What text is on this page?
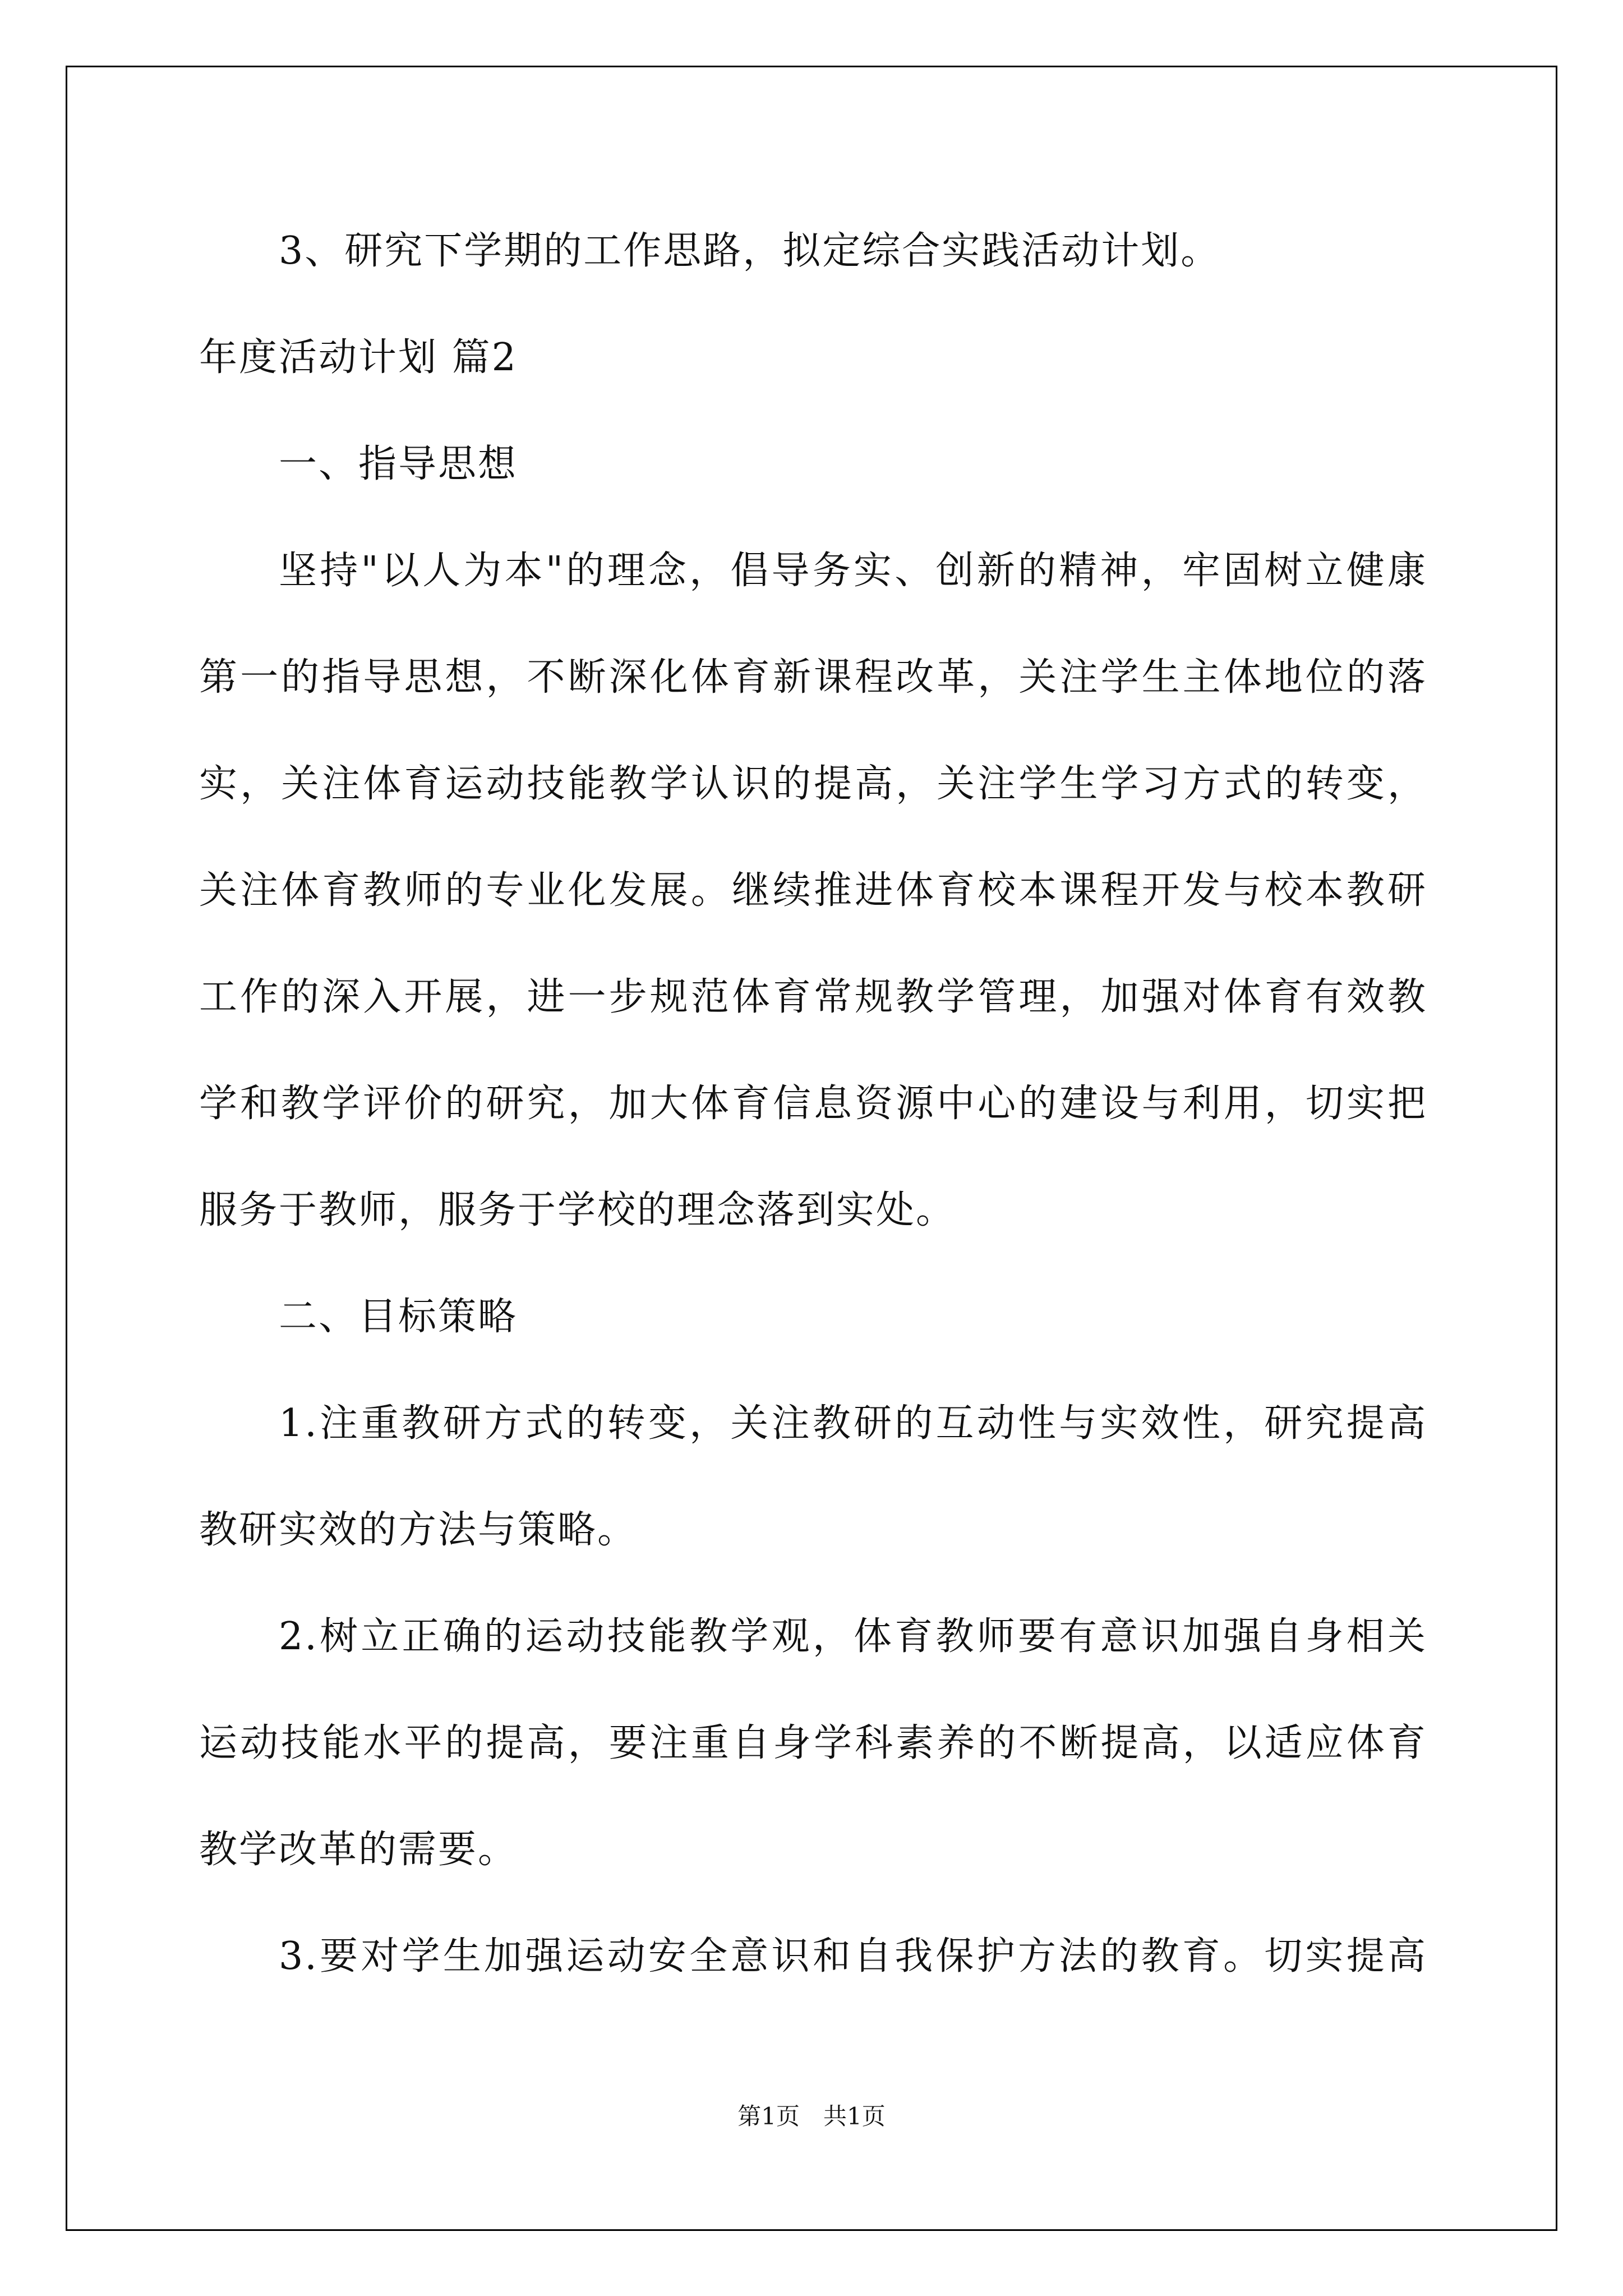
3、研究下学期的工作思路，拟定综合实践活动计划。
年度活动计划 篇2
一、指导思想
坚持"以人为本"的理念，倡导务实、创新的精神，牢固树立健康
第一的指导思想，不断深化体育新课程改革，关注学生主体地位的落
实，关注体育运动技能教学认识的提高，关注学生学习方式的转变，
关注体育教师的专业化发展。继续推进体育校本课程开发与校本教研
工作的深入开展，进一步规范体育常规教学管理，加强对体育有效教
学和教学评价的研究，加大体育信息资源中心的建设与利用，切实把
服务于教师，服务于学校的理念落到实处。
二、目标策略
1.注重教研方式的转变，关注教研的互动性与实效性，研究提高
教研实效的方法与策略。
2.树立正确的运动技能教学观，体育教师要有意识加强自身相关
运动技能水平的提高，要注重自身学科素养的不断提高，以适应体育
教学改革的需要。
3.要对学生加强运动安全意识和自我保护方法的教育。切实提高
第1页　共1页
